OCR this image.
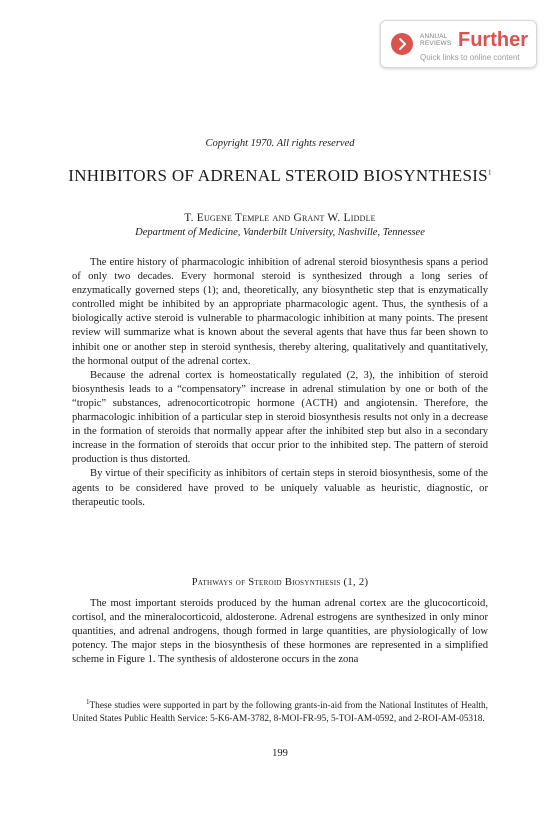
ANNUAL
REVIEWS Further
Quick links to online content
Copyright 1970. All rights reserved
INHIBITORS OF ADRENAL STEROID BIOSYNTHESIS$^1$
T. Eugene Temple and Grant W. Liddle
Department of Medicine, Vanderbilt University, Nashville, Tennessee

The entire history of pharmacologic inhibition of adrenal steroid biosynthesis spans a period of only two decades. Every hormonal steroid is synthesized through a long series of enzymatically governed steps (1); and, theoretically, any biosynthetic step that is enzymatically controlled might be inhibited by an appropriate pharmacologic agent. Thus, the synthesis of a biologically active steroid is vulnerable to pharmacologic inhibition at many points. The present review will summarize what is known about the several agents that have thus far been shown to inhibit one or another step in steroid synthesis, thereby altering, qualitatively and quantitatively, the hormonal output of the adrenal cortex.

Because the adrenal cortex is homeostatically regulated (2, 3), the inhibition of steroid biosynthesis leads to a “compensatory” increase in adrenal stimulation by one or both of the “tropic” substances, adrenocorticotropic hormone (ACTH) and angiotensin. Therefore, the pharmacologic inhibition of a particular step in steroid biosynthesis results not only in a decrease in the formation of steroids that normally appear after the inhibited step but also in a secondary increase in the formation of steroids that occur prior to the inhibited step. The pattern of steroid production is thus distorted.

By virtue of their specificity as inhibitors of certain steps in steroid biosynthesis, some of the agents to be considered have proved to be uniquely valuable as heuristic, diagnostic, or therapeutic tools.

Pathways of Steroid Biosynthesis (1, 2)

The most important steroids produced by the human adrenal cortex are the glucocorticoid, cortisol, and the mineralocorticoid, aldosterone. Adrenal estrogens are synthesized in only minor quantities, and adrenal androgens, though formed in large quantities, are physiologically of low potency. The major steps in the biosynthesis of these hormones are represented in a simplified scheme in Figure 1. The synthesis of aldosterone occurs in the zona

$^1$These studies were supported in part by the following grants-in-aid from the National Institutes of Health, United States Public Health Service: 5-K6-AM-3782, 8-MOI-FR-95, 5-TOI-AM-0592, and 2-ROI-AM-05318.
199
